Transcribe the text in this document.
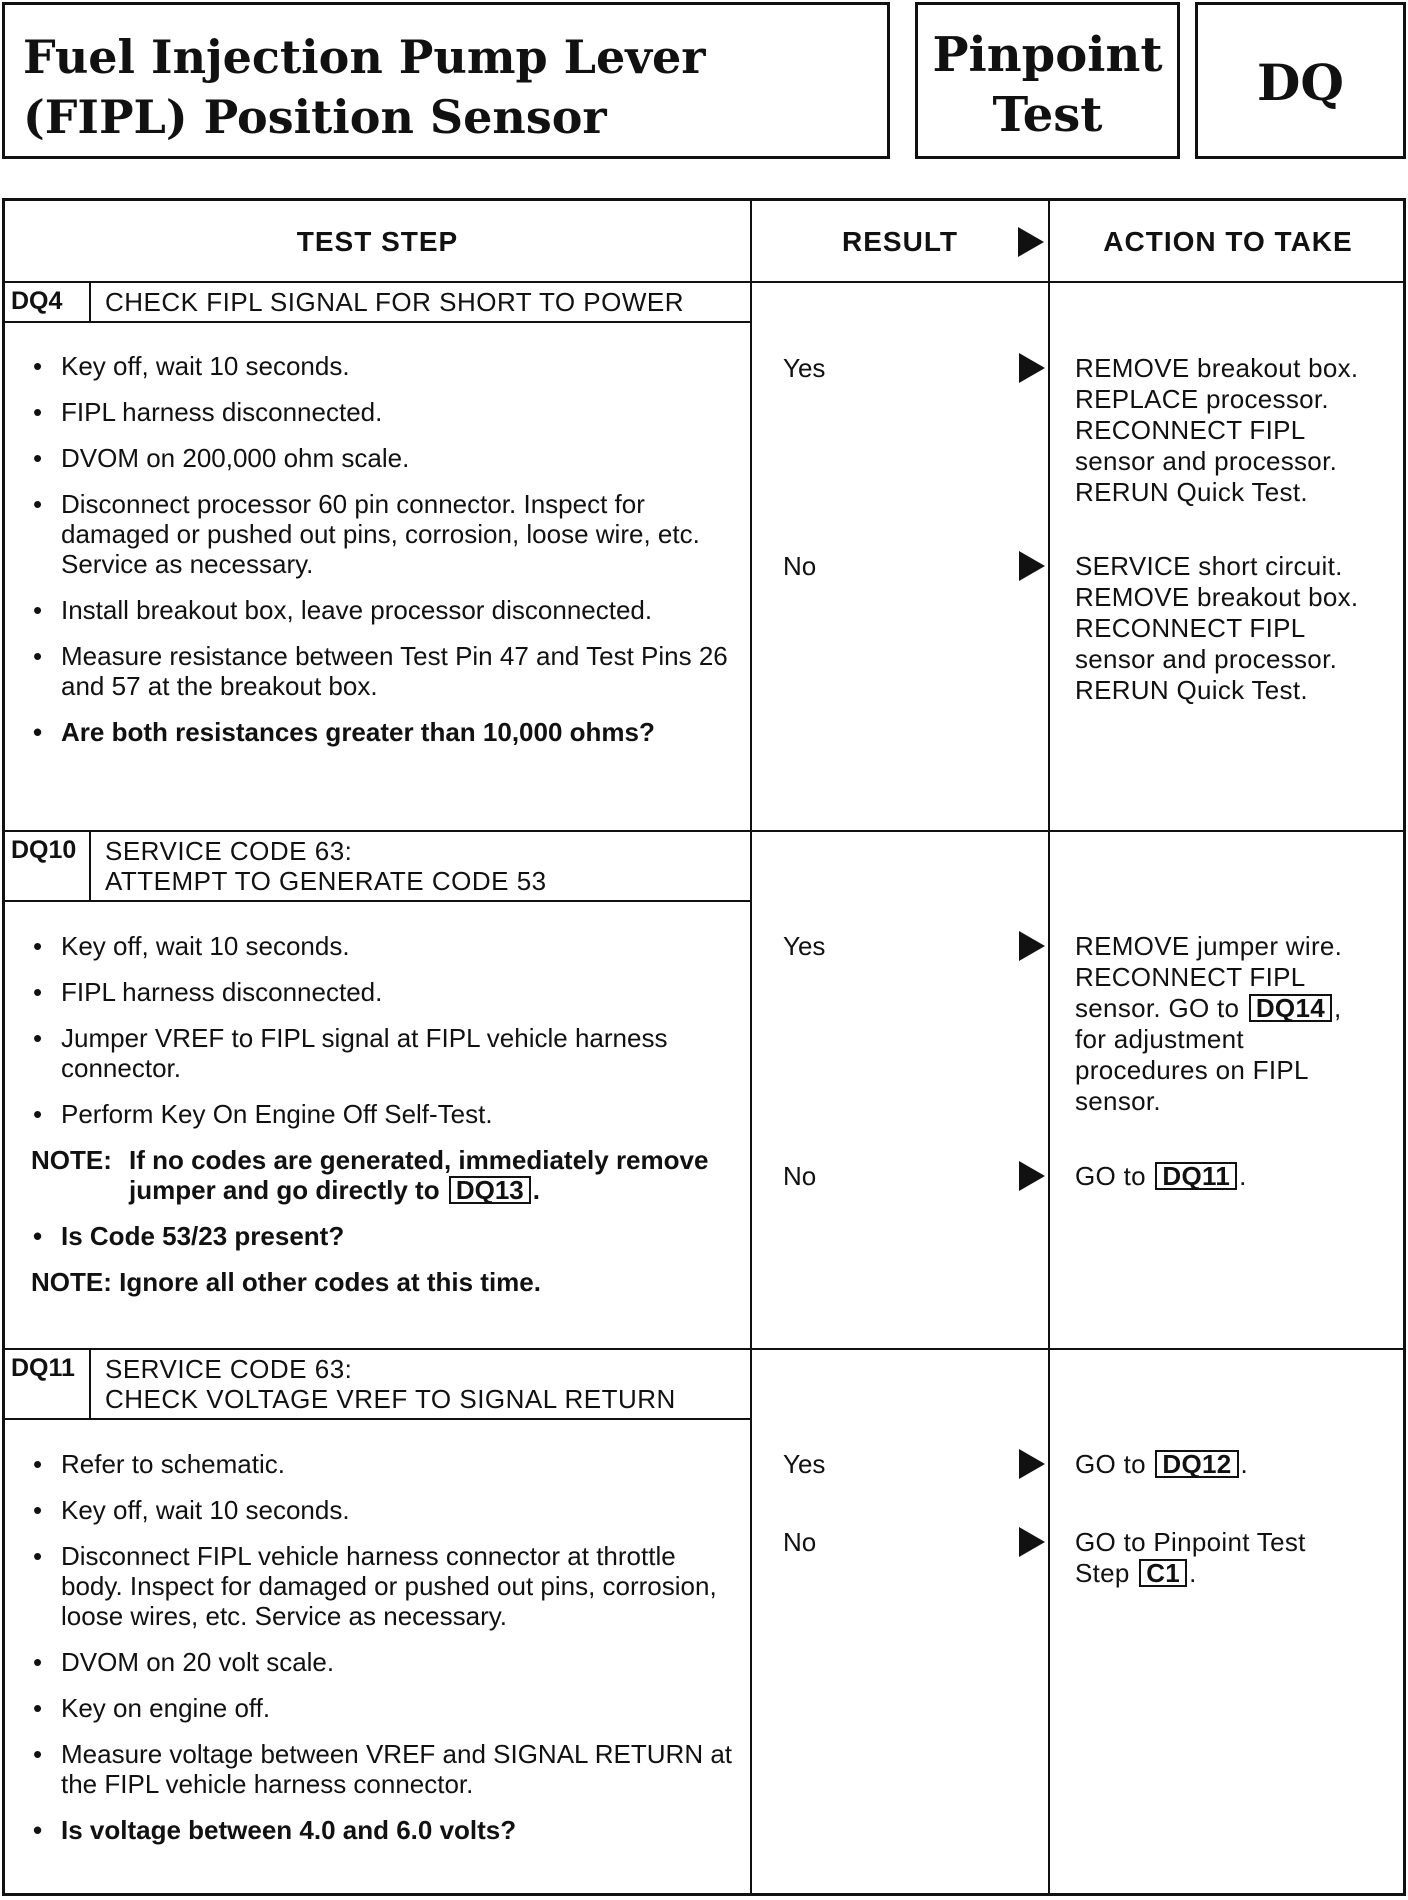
Fuel Injection Pump Lever
(FIPL) Position Sensor
Pinpoint
Test
DQ
TEST STEP	RESULT	ACTION TO TAKE
DQ4	CHECK FIPL SIGNAL FOR SHORT TO POWER
• Key off, wait 10 seconds.
• FIPL harness disconnected.
• DVOM on 200,000 ohm scale.
• Disconnect processor 60 pin connector. Inspect for damaged or pushed out pins, corrosion, loose wire, etc. Service as necessary.
• Install breakout box, leave processor disconnected.
• Measure resistance between Test Pin 47 and Test Pins 26 and 57 at the breakout box.
• Are both resistances greater than 10,000 ohms?
Yes	REMOVE breakout box.
REPLACE processor.
RECONNECT FIPL
sensor and processor.
RERUN Quick Test.
No	SERVICE short circuit.
REMOVE breakout box.
RECONNECT FIPL
sensor and processor.
RERUN Quick Test.
DQ10	SERVICE CODE 63:
ATTEMPT TO GENERATE CODE 53
• Key off, wait 10 seconds.
• FIPL harness disconnected.
• Jumper VREF to FIPL signal at FIPL vehicle harness connector.
• Perform Key On Engine Off Self-Test.
NOTE: If no codes are generated, immediately remove jumper and go directly to DQ13 .
• Is Code 53/23 present?
NOTE: Ignore all other codes at this time.
Yes	REMOVE jumper wire.
RECONNECT FIPL
sensor. GO to DQ14 ,
for adjustment
procedures on FIPL
sensor.
No	GO to DQ11 .
DQ11	SERVICE CODE 63:
CHECK VOLTAGE VREF TO SIGNAL RETURN
• Refer to schematic.
• Key off, wait 10 seconds.
• Disconnect FIPL vehicle harness connector at throttle body. Inspect for damaged or pushed out pins, corrosion, loose wires, etc. Service as necessary.
• DVOM on 20 volt scale.
• Key on engine off.
• Measure voltage between VREF and SIGNAL RETURN at the FIPL vehicle harness connector.
• Is voltage between 4.0 and 6.0 volts?
Yes	GO to DQ12 .
No	GO to Pinpoint Test
Step C1 .
